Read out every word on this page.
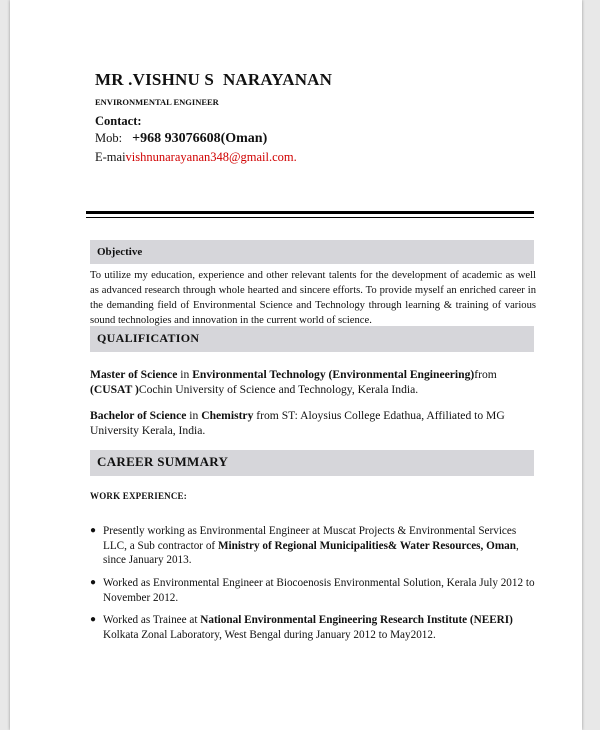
MR .VISHNU S  NARAYANAN
ENVIRONMENTAL ENGINEER
Contact:
Mob: +968 93076608(Oman)
E-maivishnunarayanan348@gmail.com.
Objective
To utilize my education, experience and other relevant talents for the development of academic as well as advanced research through whole hearted and sincere efforts. To provide myself an enriched career in the demanding field of Environmental Science and Technology through learning & training of various sound technologies and innovation in the current world of science.
QUALIFICATION
Master of Science in Environmental Technology (Environmental Engineering)from
(CUSAT )Cochin University of Science and Technology, Kerala India.
Bachelor of Science in Chemistry from ST: Aloysius College Edathua, Affiliated to MG University Kerala, India.
CAREER SUMMARY
WORK EXPERIENCE:
● Presently working as Environmental Engineer at Muscat Projects & Environmental Services LLC, a Sub contractor of Ministry of Regional Municipalities& Water Resources, Oman, since January 2013.
● Worked as Environmental Engineer at Biocoenosis Environmental Solution, Kerala July 2012 to November 2012.
● Worked as Trainee at National Environmental Engineering Research Institute (NEERI) Kolkata Zonal Laboratory, West Bengal during January 2012 to May2012.
